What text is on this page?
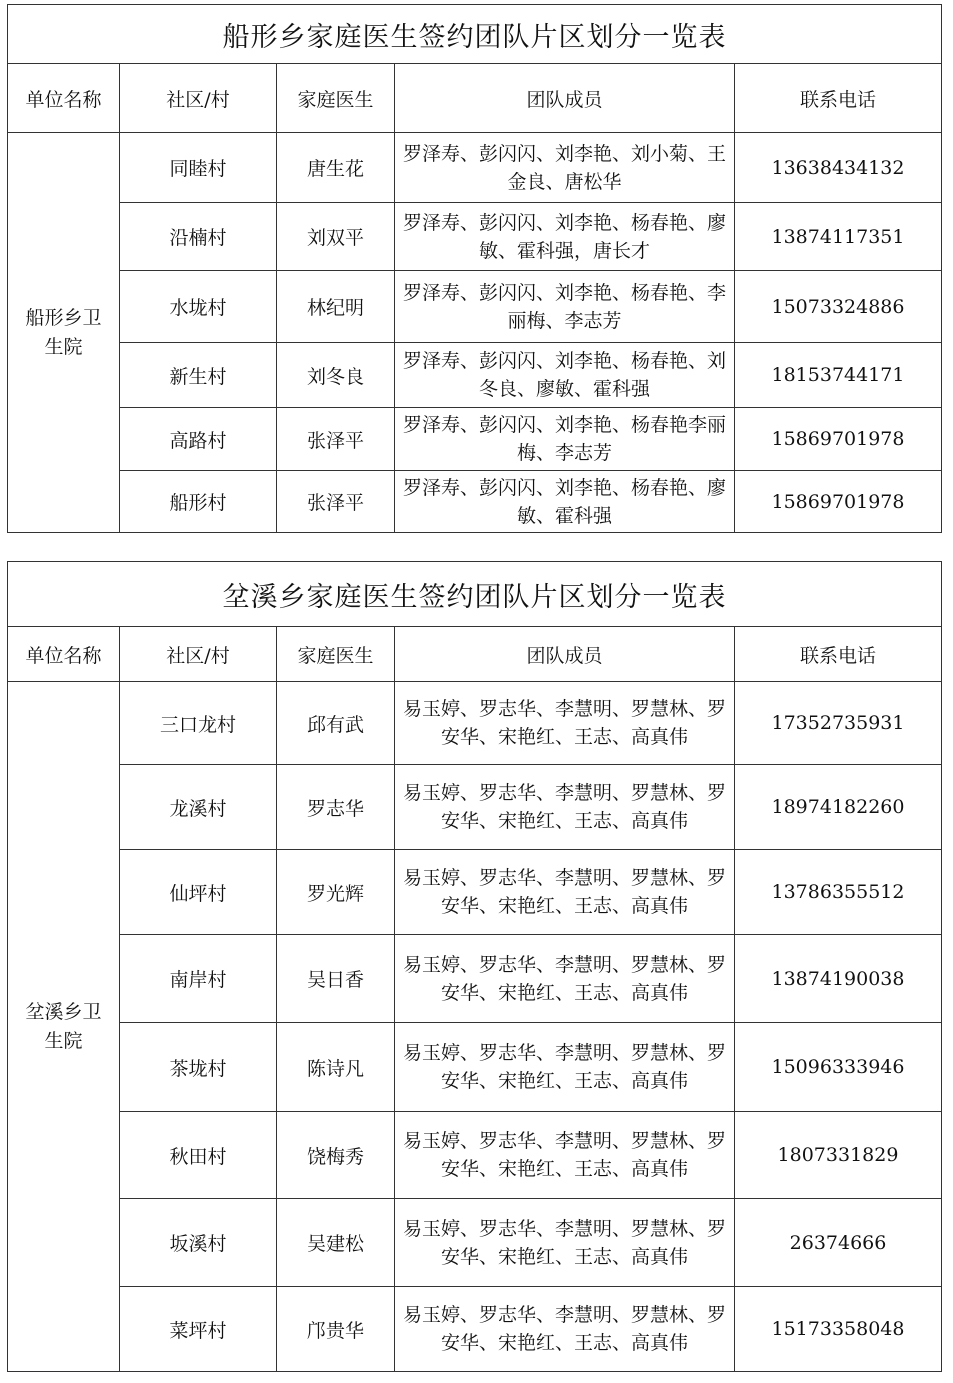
船形乡家庭医生签约团队片区划分一览表				
单位名称	社区/村	家庭医生	团队成员	联系电话

船形乡卫生院	同睦村	唐生花	罗泽寿、彭闪闪、刘李艳、刘小菊、王金良、唐松华	13638434132
	沿楠村	刘双平	罗泽寿、彭闪闪、刘李艳、杨春艳、廖敏、霍科强，唐长才	13874117351
	水垅村	林纪明	罗泽寿、彭闪闪、刘李艳、杨春艳、李丽梅、李志芳	15073324886
	新生村	刘冬良	罗泽寿、彭闪闪、刘李艳、杨春艳、刘冬良、廖敏、霍科强	18153744171
	高路村	张泽平	罗泽寿、彭闪闪、刘李艳、杨春艳李丽梅、李志芳	15869701978
	船形村	张泽平	罗泽寿、彭闪闪、刘李艳、杨春艳、廖敏、霍科强	15869701978
坌溪乡家庭医生签约团队片区划分一览表				
单位名称	社区/村	家庭医生	团队成员	联系电话

坌溪乡卫生院	三口龙村	邱有武	易玉婷、罗志华、李慧明、罗慧林、罗安华、宋艳红、王志、高真伟	17352735931
	龙溪村	罗志华	易玉婷、罗志华、李慧明、罗慧林、罗安华、宋艳红、王志、高真伟	18974182260
	仙坪村	罗光辉	易玉婷、罗志华、李慧明、罗慧林、罗安华、宋艳红、王志、高真伟	13786355512
	南岸村	吴日香	易玉婷、罗志华、李慧明、罗慧林、罗安华、宋艳红、王志、高真伟	13874190038
	茶垅村	陈诗凡	易玉婷、罗志华、李慧明、罗慧林、罗安华、宋艳红、王志、高真伟	15096333946
	秋田村	饶梅秀	易玉婷、罗志华、李慧明、罗慧林、罗安华、宋艳红、王志、高真伟	1807331829
	坂溪村	吴建松	易玉婷、罗志华、李慧明、罗慧林、罗安华、宋艳红、王志、高真伟	26374666
	菜坪村	邝贵华	易玉婷、罗志华、李慧明、罗慧林、罗安华、宋艳红、王志、高真伟	15173358048
